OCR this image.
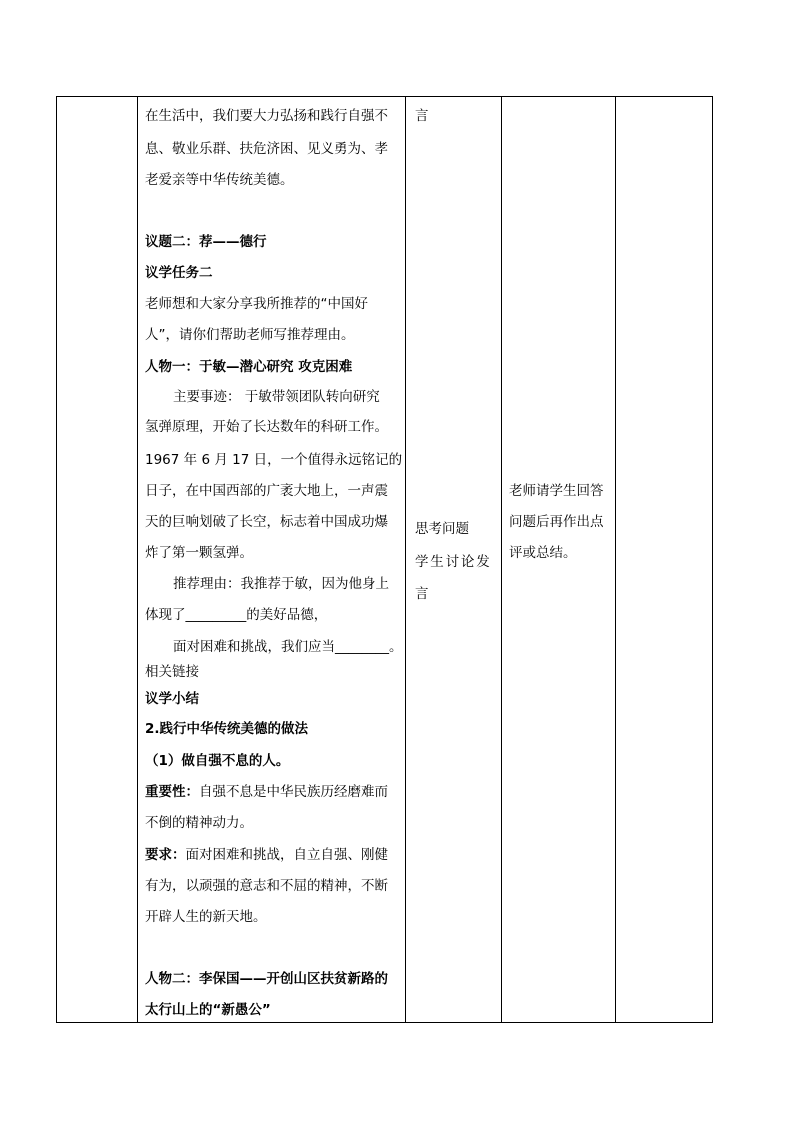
在生活中，我们要大力弘扬和践行自强不
息、敬业乐群、扶危济困、见义勇为、孝
老爱亲等中华传统美德。
议题二：荐——德行
议学任务二
老师想和大家分享我所推荐的“中国好
人”，请你们帮助老师写推荐理由。
人物一：于敏—潜心研究 攻克困难
主要事迹： 于敏带领团队转向研究
氢弹原理，开始了长达数年的科研工作。
1967 年 6 月 17 日，一个值得永远铭记的
日子，在中国西部的广袤大地上，一声震
天的巨响划破了长空，标志着中国成功爆
炸了第一颗氢弹。
推荐理由：我推荐于敏，因为他身上
体现了_________的美好品德，
面对困难和挑战，我们应当________。
相关链接
议学小结
2.践行中华传统美德的做法
（1）做自强不息的人。
重要性：自强不息是中华民族历经磨难而
不倒的精神动力。
要求：面对困难和挑战，自立自强、刚健
有为，以顽强的意志和不屈的精神，不断
开辟人生的新天地。
人物二：李保国——开创山区扶贫新路的
太行山上的“新愚公”
言
思考问题
学生讨论发
言
老师请学生回答
问题后再作出点
评或总结。
